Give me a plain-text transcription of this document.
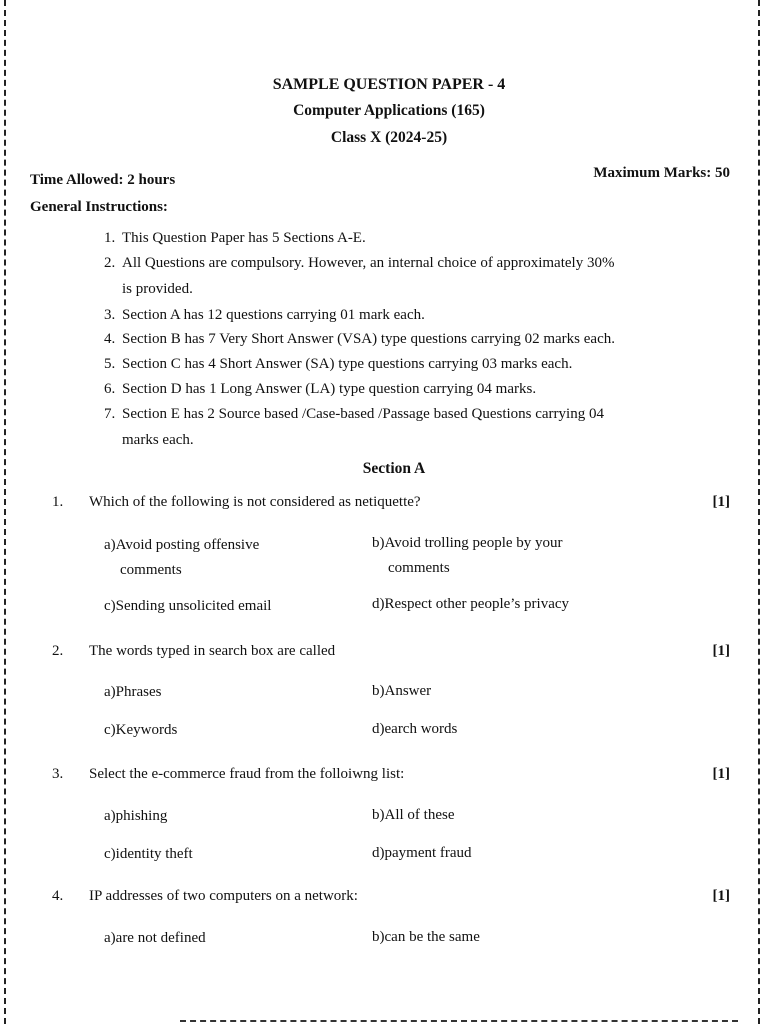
SAMPLE QUESTION PAPER - 4
Computer Applications (165)
Class X (2024-25)
Time Allowed: 2 hours	Maximum Marks: 50
General Instructions:
1. This Question Paper has 5 Sections A-E.
2. All Questions are compulsory. However, an internal choice of approximately 30%
is provided.
3. Section A has 12 questions carrying 01 mark each.
4. Section B has 7 Very Short Answer (VSA) type questions carrying 02 marks each.
5. Section C has 4 Short Answer (SA) type questions carrying 03 marks each.
6. Section D has 1 Long Answer (LA) type question carrying 04 marks.
7. Section E has 2 Source based /Case-based /Passage based Questions carrying 04
marks each.
Section A
1. Which of the following is not considered as netiquette?	[1]
a)Avoid posting offensive
comments
b)Avoid trolling people by your
comments
c)Sending unsolicited email	d)Respect other people’s privacy
2. The words typed in search box are called	[1]
a)Phrases	b)Answer
c)Keywords	d)earch words
3. Select the e-commerce fraud from the folloiwng list:	[1]
a)phishing	b)All of these
c)identity theft	d)payment fraud
4. IP addresses of two computers on a network:	[1]
a)are not defined	b)can be the same
